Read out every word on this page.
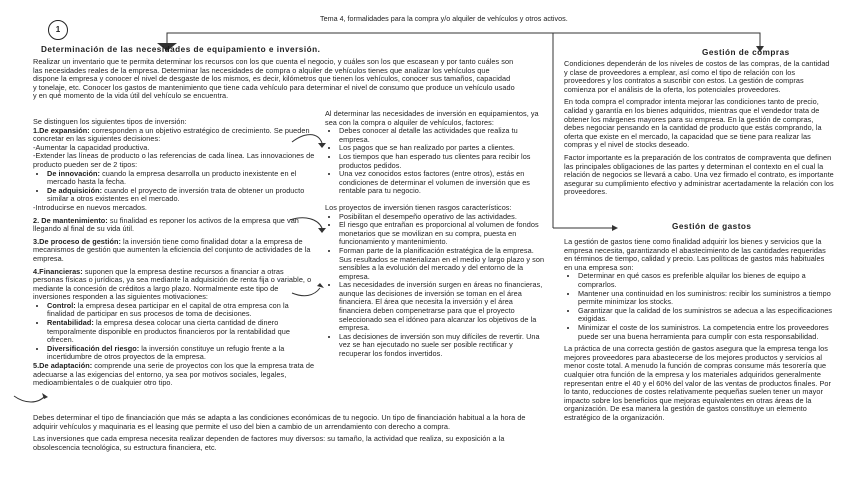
1
Tema 4, formalidades para la compra y/o alquiler de vehículos y otros activos.
Determinación de las necesidades de equipamiento e inversión.
Realizar un inventario que te permita determinar los recursos con los que cuenta el negocio, y cuáles son los que escasean y por tanto cuáles son las necesidades reales de la empresa. Determinar las necesidades de compra o alquiler de vehículos tienes que analizar los vehículos que dispone la empresa y conocer el nivel de desgaste de los mismos, es decir, kilómetros que tienen los vehículos, conocer sus tamaños, capacidad y tonelaje, etc. Conocer los gastos de mantenimiento que tiene cada vehículo para determinar el nivel de consumo que produce un vehículo usado y en qué momento de la vida útil del vehículo se encuentra.

Se distinguen los siguientes tipos de inversión:

1.De expansión: corresponden a un objetivo estratégico de crecimiento. Se pueden concretar en las siguientes decisiones:
-Aumentar la capacidad productiva.
-Extender las líneas de producto o las referencias de cada línea. Las innovaciones de producto pueden ser de 2 tipos:
• De innovación: cuando la empresa desarrolla un producto inexistente en el mercado hasta la fecha.
• De adquisición: cuando el proyecto de inversión trata de obtener un producto similar a otros existentes en el mercado.
-Introducirse en nuevos mercados.
2. De mantenimiento: su finalidad es reponer los activos de la empresa que van llegando al final de su vida útil.
3.De proceso de gestión: la inversión tiene como finalidad dotar a la empresa de mecanismos de gestión que aumenten la eficiencia del conjunto de actividades de la empresa.
4.Financieras: suponen que la empresa destine recursos a financiar a otras personas físicas o jurídicas, ya sea mediante la adquisición de renta fija o variable, o mediante la concesión de créditos a largo plazo. Normalmente este tipo de inversiones responden a las siguientes motivaciones:
• Control: la empresa desea participar en el capital de otra empresa con la finalidad de participar en sus procesos de toma de decisiones.
• Rentabilidad: la empresa desea colocar una cierta cantidad de dinero temporalmente disponible en productos financieros por la rentabilidad que ofrecen.
• Diversificación del riesgo: la inversión constituye un refugio frente a la incertidumbre de otros proyectos de la empresa.
5.De adaptación: comprende una serie de proyectos con los que la empresa trata de adecuarse a las exigencias del entorno, ya sea por motivos sociales, legales, medioambientales o de cualquier otro tipo.

Debes determinar el tipo de financiación que más se adapta a las condiciones económicas de tu negocio. Un tipo de financiación habitual a la hora de adquirir vehículos y maquinaria es el leasing que permite el uso del bien a cambio de un arrendamiento con derecho a compra.

Las inversiones que cada empresa necesita realizar dependen de factores muy diversos: su tamaño, la actividad que realiza, su exposición a la obsolescencia tecnológica, su estructura financiera, etc.

Al determinar las necesidades de inversión en equipamientos, ya sea con la compra o alquiler de vehículos, factores:
• Debes conocer al detalle las actividades que realiza tu empresa.
• Los pagos que se han realizado por partes a clientes.
• Los tiempos que han esperado tus clientes para recibir los productos pedidos.
• Una vez conocidos estos factores (entre otros), estás en condiciones de determinar el volumen de inversión que es rentable para tu negocio.
Los proyectos de inversión tienen rasgos característicos:
• Posibilitan el desempeño operativo de las actividades.
• El riesgo que entrañan es proporcional al volumen de fondos monetarios que se movilizan en su compra, puesta en funcionamiento y mantenimiento.
• Forman parte de la planificación estratégica de la empresa. Sus resultados se materializan en el medio y largo plazo y son sensibles a la evolución del mercado y del entorno de la empresa.
• Las necesidades de inversión surgen en áreas no financieras, aunque las decisiones de inversión se toman en el área financiera. El área que necesita la inversión y el área financiera deben compenetrarse para que el proyecto seleccionado sea el idóneo para alcanzar los objetivos de la empresa.
• Las decisiones de inversión son muy difíciles de revertir. Una vez se han ejecutado no suele ser posible rectificar y recuperar los fondos invertidos.
Gestión de compras

Condiciones dependerán de los niveles de costos de las compras, de la cantidad y clase de proveedores a emplear, así como el tipo de relación con los proveedores y los contratos a suscribir con estos. La gestión de compras comienza por el análisis de la oferta, los potenciales proveedores.

En toda compra el comprador intenta mejorar las condiciones tanto de precio, calidad y garantía en los bienes adquiridos, mientras que el vendedor trata de obtener los márgenes mayores para su empresa. En la gestión de compras, debes negociar pensando en la cantidad de producto que estás comprando, la oferta que existe en el mercado, la capacidad que se tiene para realizar las compras y el nivel de stocks deseado.

Factor importante es la preparación de los contratos de compraventa que definen las principales obligaciones de las partes y determinan el contexto en el cual la relación de negocios se llevará a cabo. Una vez firmado el contrato, es importante asegurar su cumplimiento efectivo y administrar acertadamente la relación con los proveedores.

Gestión de gastos
La gestión de gastos tiene como finalidad adquirir los bienes y servicios que la empresa necesita, garantizando el abastecimiento de las cantidades requeridas en términos de tiempo, calidad y precio. Las políticas de gastos más habituales en una empresa son:
• Determinar en qué casos es preferible alquilar los bienes de equipo a comprarlos.
• Mantener una continuidad en los suministros: recibir los suministros a tiempo permite minimizar los stocks.
• Garantizar que la calidad de los suministros se adecua a las especificaciones exigidas.
• Minimizar el coste de los suministros. La competencia entre los proveedores puede ser una buena herramienta para cumplir con esta responsabilidad.

La práctica de una correcta gestión de gastos asegura que la empresa tenga los mejores proveedores para abastecerse de los mejores productos y servicios al menor coste total. A menudo la función de compras consume más tesorería que cualquier otra función de la empresa y los materiales adquiridos generalmente representan entre el 40 y el 60% del valor de las ventas de productos finales. Por lo tanto, reducciones de costes relativamente pequeñas suelen tener un mayor impacto sobre los beneficios que mejoras equivalentes en otras áreas de la organización. De esa manera la gestión de gastos constituye un elemento estratégico de la organización.
